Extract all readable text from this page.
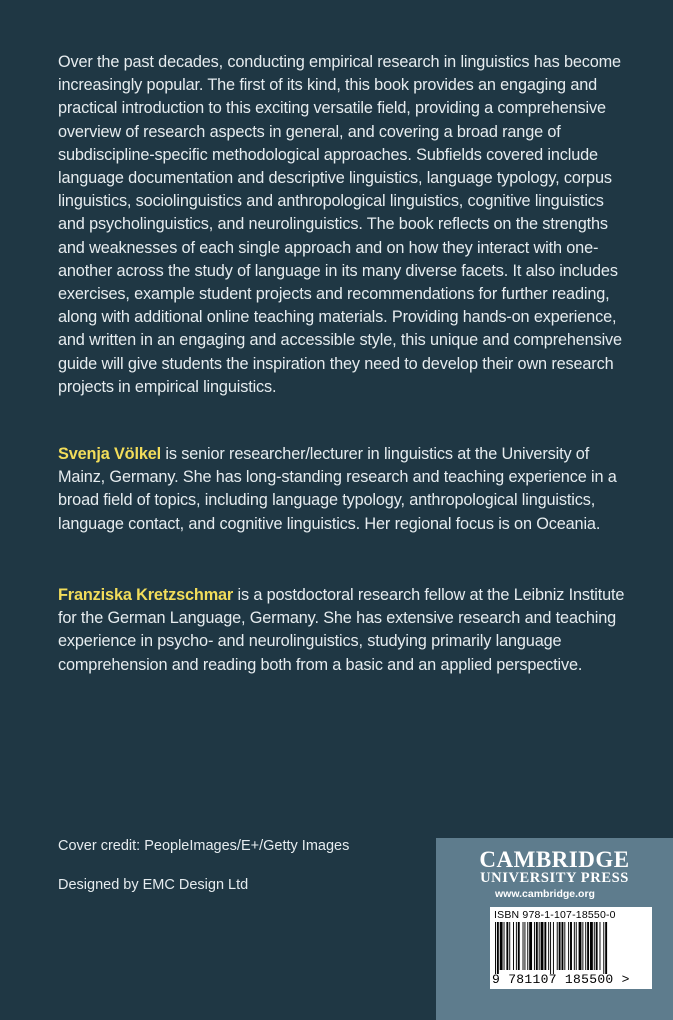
Over the past decades, conducting empirical research in linguistics has become increasingly popular. The first of its kind, this book provides an engaging and practical introduction to this exciting versatile field, providing a comprehensive overview of research aspects in general, and covering a broad range of subdiscipline-specific methodological approaches. Subfields covered include language documentation and descriptive linguistics, language typology, corpus linguistics, sociolinguistics and anthropological linguistics, cognitive linguistics and psycholinguistics, and neurolinguistics. The book reflects on the strengths and weaknesses of each single approach and on how they interact with one-another across the study of language in its many diverse facets. It also includes exercises, example student projects and recommendations for further reading, along with additional online teaching materials. Providing hands-on experience, and written in an engaging and accessible style, this unique and comprehensive guide will give students the inspiration they need to develop their own research projects in empirical linguistics.

Svenja Völkel is senior researcher/lecturer in linguistics at the University of Mainz, Germany. She has long-standing research and teaching experience in a broad field of topics, including language typology, anthropological linguistics, language contact, and cognitive linguistics. Her regional focus is on Oceania.

Franziska Kretzschmar is a postdoctoral research fellow at the Leibniz Institute for the German Language, Germany. She has extensive research and teaching experience in psycho- and neurolinguistics, studying primarily language comprehension and reading both from a basic and an applied perspective.

Cover credit: PeopleImages/E+/Getty Images

Designed by EMC Design Ltd

CAMBRIDGE
UNIVERSITY PRESS
www.cambridge.org
ISBN 978-1-107-18550-0
9 781107 185500 >
